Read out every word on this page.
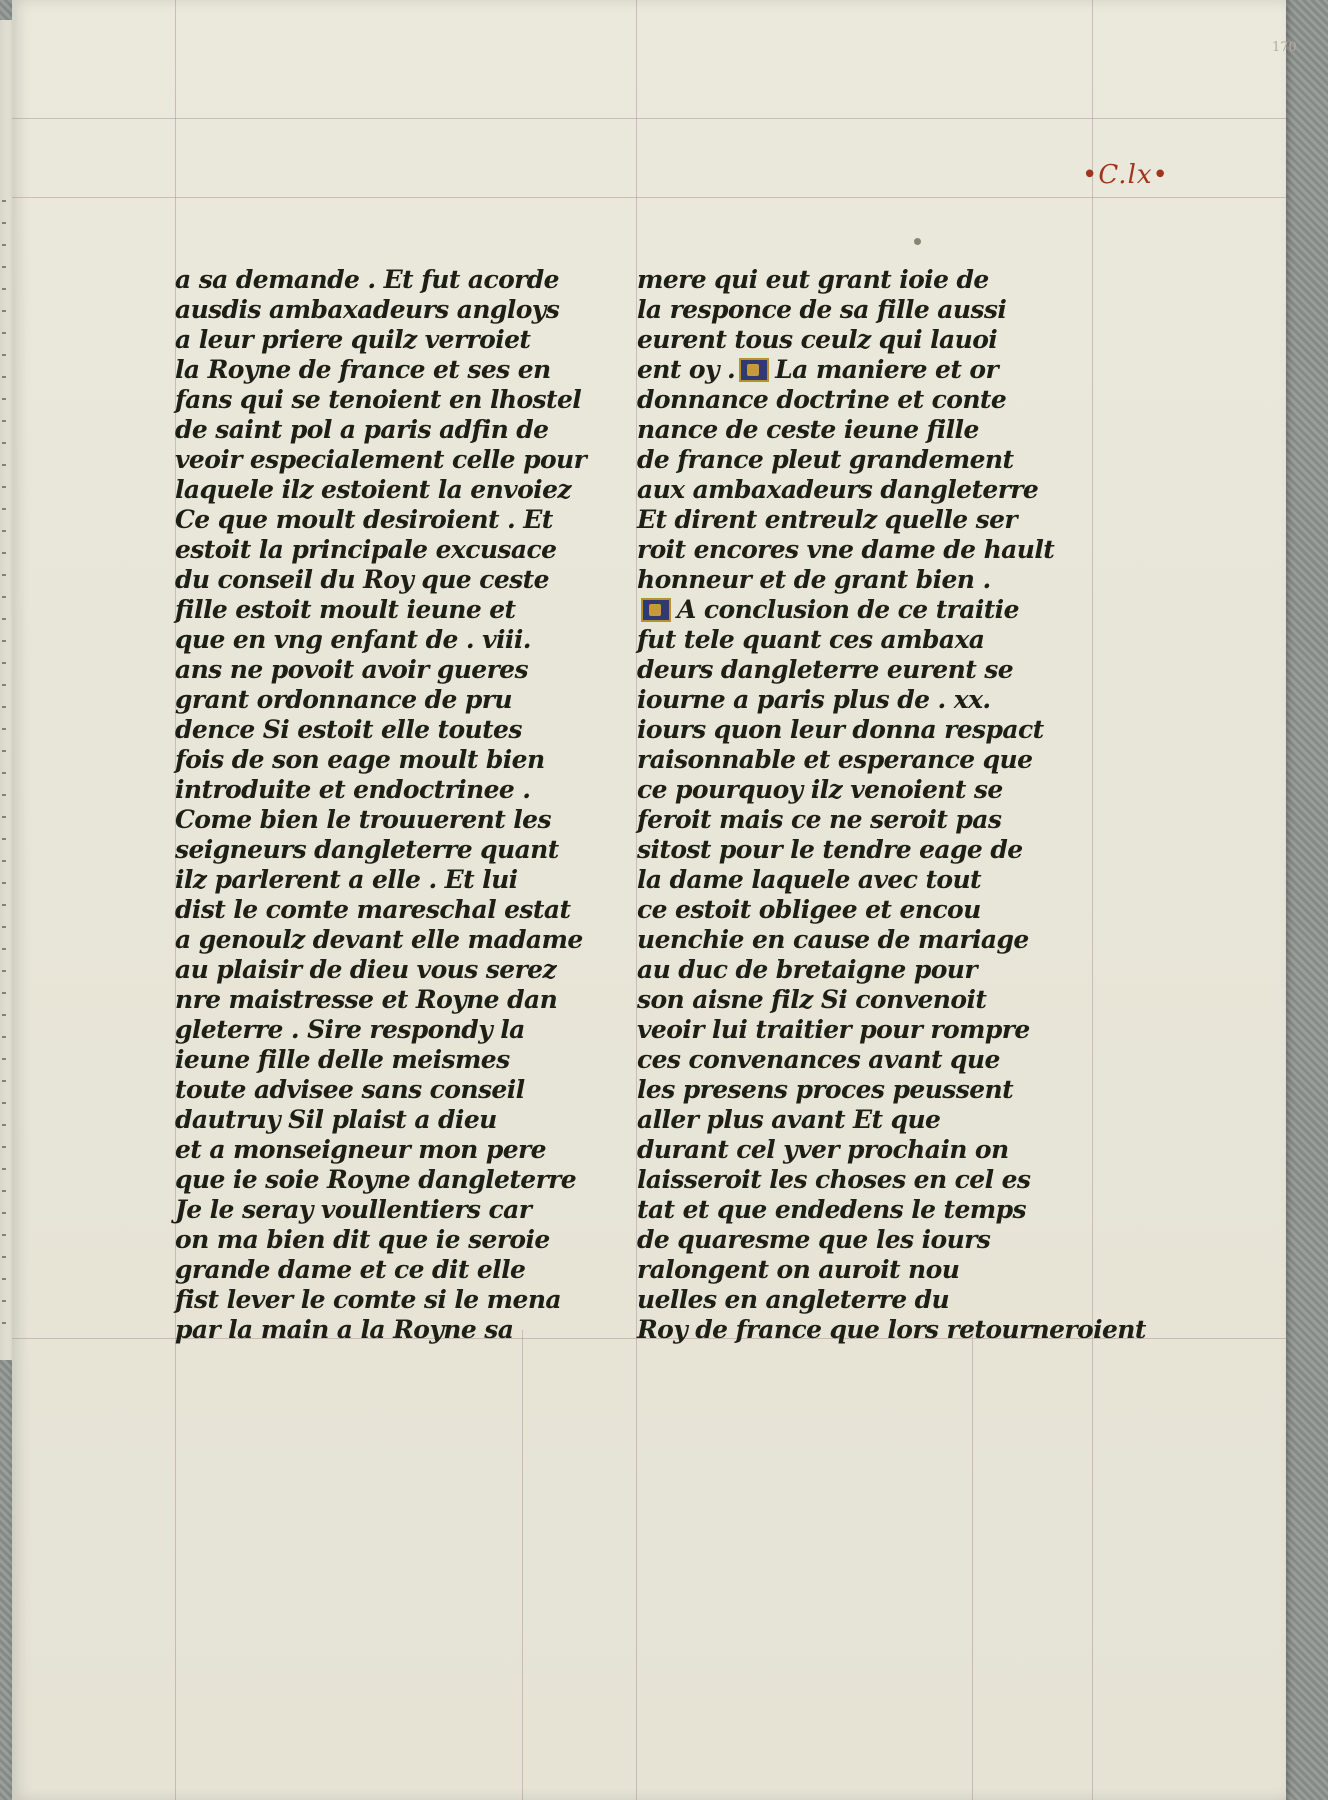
170
•C.lx•
a sa demande . Et fut acorde
ausdis ambaxadeurs angloys
a leur priere quilz verroiet
la Royne de france et ses en
fans qui se tenoient en lhostel
de saint pol a paris adfin de
veoir especialement celle pour
laquele ilz estoient la envoiez
Ce que moult desiroient . Et
estoit la principale excusace
du conseil du Roy que ceste
fille estoit moult ieune et
que en vng enfant de . viii.
ans ne povoit avoir gueres
grant ordonnance de pru
dence Si estoit elle toutes
fois de son eage moult bien
introduite et endoctrinee .
Come bien le trouuerent les
seigneurs dangleterre quant
ilz parlerent a elle . Et lui
dist le comte mareschal estat
a genoulz devant elle madame
au plaisir de dieu vous serez
nre maistresse et Royne dan
gleterre . Sire respondy la
ieune fille delle meismes
toute advisee sans conseil
dautruy Sil plaist a dieu
et a monseigneur mon pere
que ie soie Royne dangleterre
Je le seray voullentiers car
on ma bien dit que ie seroie
grande dame et ce dit elle
fist lever le comte si le mena
par la main a la Royne sa
mere qui eut grant ioie de
la responce de sa fille aussi
eurent tous ceulz qui lauoi
ent oy . La maniere et or
donnance doctrine et conte
nance de ceste ieune fille
de france pleut grandement
aux ambaxadeurs dangleterre
Et dirent entreulz quelle ser
roit encores vne dame de hault
honneur et de grant bien .
A conclusion de ce traitie
fut tele quant ces ambaxa
deurs dangleterre eurent se
iourne a paris plus de . xx.
iours quon leur donna respact
raisonnable et esperance que
ce pourquoy ilz venoient se
feroit mais ce ne seroit pas
sitost pour le tendre eage de
la dame laquele avec tout
ce estoit obligee et encou
uenchie en cause de mariage
au duc de bretaigne pour
son aisne filz Si convenoit
veoir lui traitier pour rompre
ces convenances avant que
les presens proces peussent
aller plus avant Et que
durant cel yver prochain on
laisseroit les choses en cel es
tat et que endedens le temps
de quaresme que les iours
ralongent on auroit nou
uelles en angleterre du
Roy de france que lors retourneroient
